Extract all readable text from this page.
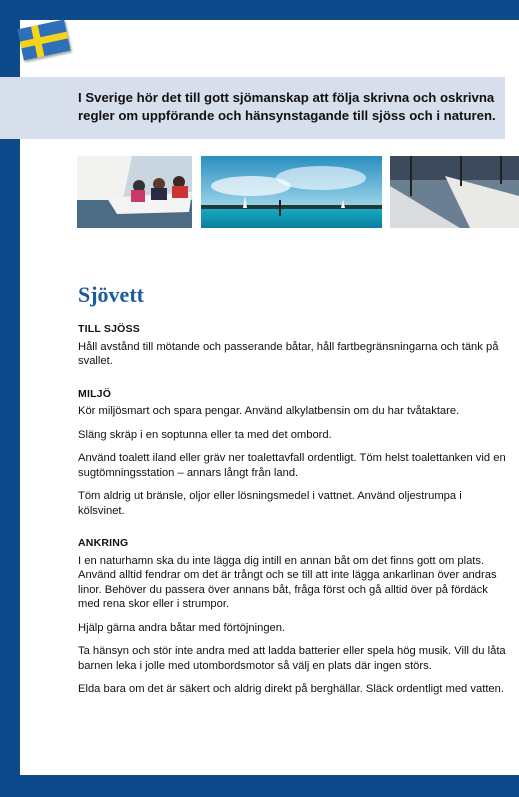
I Sverige hör det till gott sjömanskap att följa skrivna och oskrivna regler om uppförande och hänsynstagande till sjöss och i naturen.
Sjövett
TILL SJÖSS

Håll avstånd till mötande och passerande båtar, håll fartbegränsningarna och tänk på svallet.

MILJÖ

Kör miljösmart och spara pengar. Använd alkylatbensin om du har tvåtaktare.

Släng skräp i en soptunna eller ta med det ombord.

Använd toalett iland eller gräv ner toalettavfall ordentligt. Töm helst toalettanken vid en sugtömningsstation – annars långt från land.

Töm aldrig ut bränsle, oljor eller lösningsmedel i vattnet. Använd oljestrumpa i kölsvinet.

ANKRING

I en naturhamn ska du inte lägga dig intill en annan båt om det finns gott om plats. Använd alltid fendrar om det är trångt och se till att inte lägga ankarlinan över andras linor. Behöver du passera över annans båt, fråga först och gå alltid över på fördäck med rena skor eller i strumpor.

Hjälp gärna andra båtar med förtöjningen.

Ta hänsyn och stör inte andra med att ladda batterier eller spela hög musik. Vill du låta barnen leka i jolle med utombordsmotor så välj en plats där ingen störs.

Elda bara om det är säkert och aldrig direkt på berghällar. Släck ordentligt med vatten.
